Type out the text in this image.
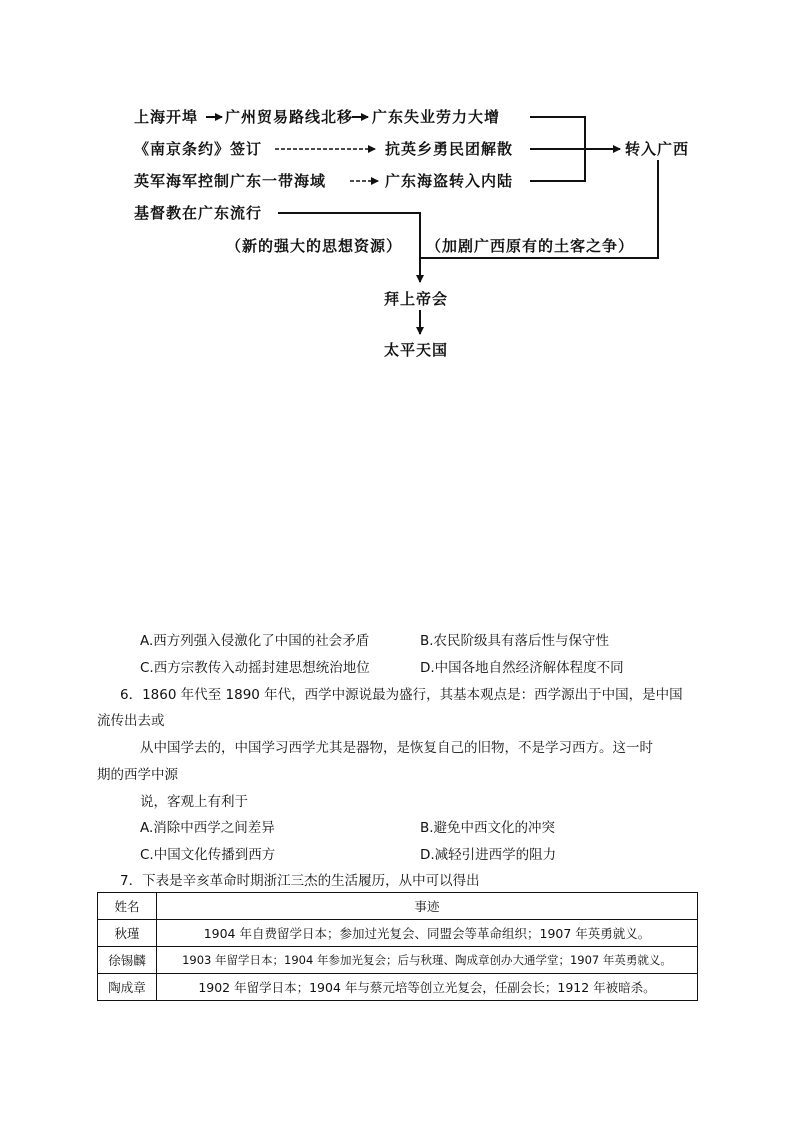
上海开埠 广州贸易路线北移 广东失业劳力大增
《南京条约》签订	抗英乡勇民团解散
英军海军控制广东一带海域	广东海盗转入内陆
基督教在广东流行
转入广西
（新的强大的思想资源） （加剧广西原有的土客之争）
拜上帝会
太平天国
A.西方列强入侵激化了中国的社会矛盾	B.农民阶级具有落后性与保守性
C.西方宗教传入动摇封建思想统治地位	D.中国各地自然经济解体程度不同
6．1860 年代至 1890 年代，西学中源说最为盛行，其基本观点是：西学源出于中国，是中国
流传出去或
从中国学去的，中国学习西学尤其是器物，是恢复自己的旧物，不是学习西方。这一时
期的西学中源
说，客观上有利于
A.消除中西学之间差异	B.避免中西文化的冲突
C.中国文化传播到西方	D.减轻引进西学的阻力
7．下表是辛亥革命时期浙江三杰的生活履历，从中可以得出
姓名	事迹
秋瑾	1904 年自费留学日本；参加过光复会、同盟会等革命组织；1907 年英勇就义。
徐锡麟	1903 年留学日本；1904 年参加光复会；后与秋瑾、陶成章创办大通学堂；1907 年英勇就义。
陶成章	1902 年留学日本；1904 年与蔡元培等创立光复会，任副会长；1912 年被暗杀。
